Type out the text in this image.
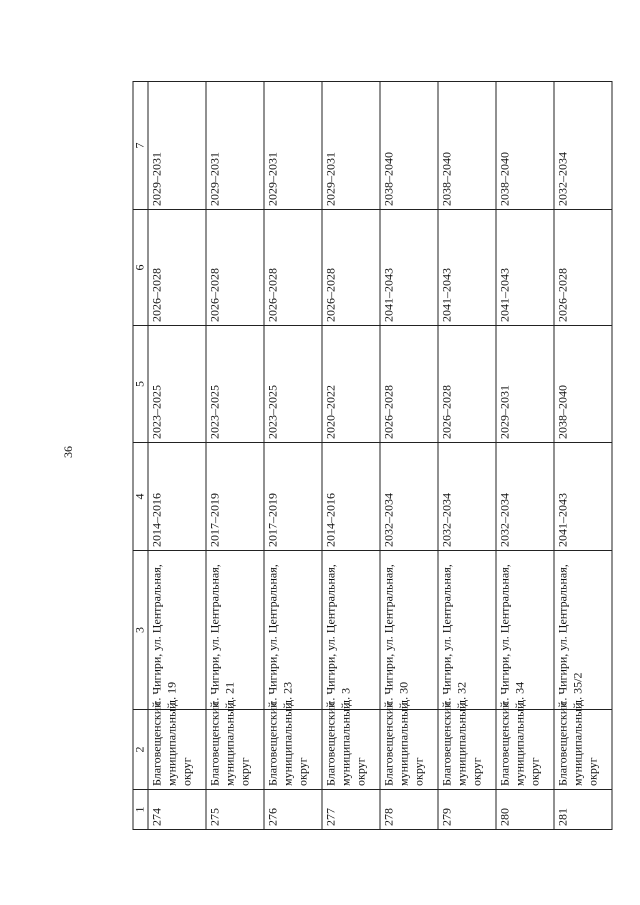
36
1	2	3	4	5	6	7
274	Благовещенский муниципальный округ	с. Чигири, ул. Центральная, д. 19	2014–2016	2023–2025	2026–2028	2029–2031
275	Благовещенский муниципальный округ	с. Чигири, ул. Центральная, д. 21	2017–2019	2023–2025	2026–2028	2029–2031
276	Благовещенский муниципальный округ	с. Чигири, ул. Центральная, д. 23	2017–2019	2023–2025	2026–2028	2029–2031
277	Благовещенский муниципальный округ	с. Чигири, ул. Центральная, д. 3	2014–2016	2020–2022	2026–2028	2029–2031
278	Благовещенский муниципальный округ	с. Чигири, ул. Центральная, д. 30	2032–2034	2026–2028	2041–2043	2038–2040
279	Благовещенский муниципальный округ	с. Чигири, ул. Центральная, д. 32	2032–2034	2026–2028	2041–2043	2038–2040
280	Благовещенский муниципальный округ	с. Чигири, ул. Центральная, д. 34	2032–2034	2029–2031	2041–2043	2038–2040
281	Благовещенский муниципальный округ	с. Чигири, ул. Центральная, д. 35/2	2041–2043	2038–2040	2026–2028	2032–2034
